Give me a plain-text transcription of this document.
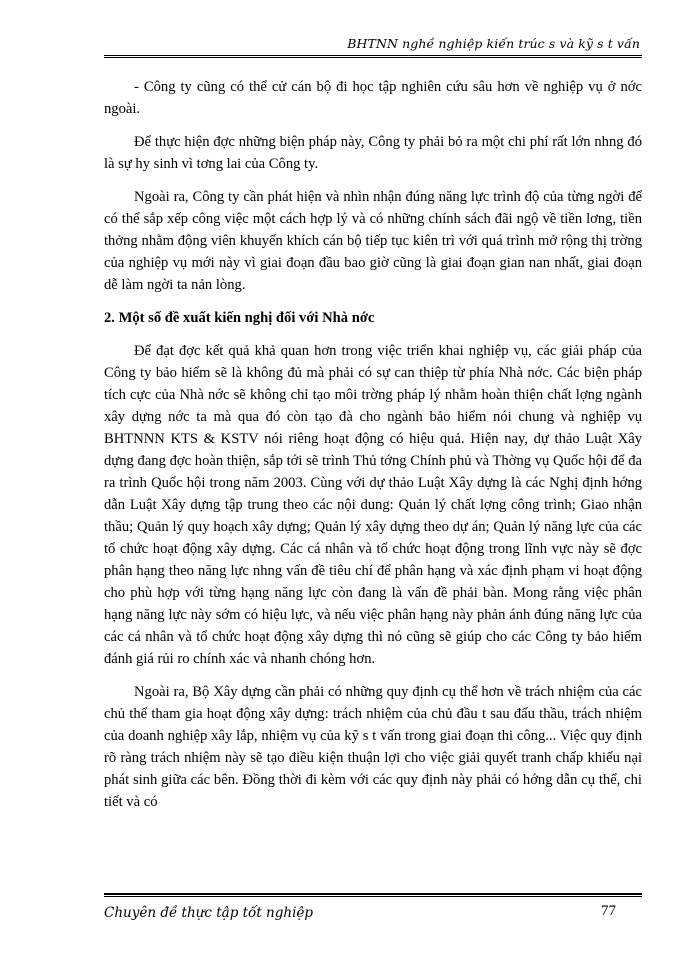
BHTNN nghề nghiệp kiến trúc s và kỹ s t vấn

- Công ty cũng có thể cử cán bộ đi học tập nghiên cứu sâu hơn về nghiệp vụ ở nớc ngoài.

Để thực hiện đợc những biện pháp này, Công ty phải bỏ ra một chi phí rất lớn nhng đó là sự hy sinh vì tơng lai của Công ty.

Ngoài ra, Công ty cần phát hiện và nhìn nhận đúng năng lực trình độ của từng ngời để có thể sắp xếp công việc một cách hợp lý và có những chính sách đãi ngộ về tiền lơng, tiền thởng nhằm động viên khuyến khích cán bộ tiếp tục kiên trì với quá trình mở rộng thị trờng của nghiệp vụ mới này vì giai đoạn đầu bao giờ cũng là giai đoạn gian nan nhất, giai đoạn dễ làm ngời ta nản lòng.

2. Một số đề xuất kiến nghị đối với Nhà nớc

Để đạt đợc kết quả khả quan hơn trong việc triển khai nghiệp vụ, các giải pháp của Công ty bảo hiểm sẽ là không đủ mà phải có sự can thiệp từ phía Nhà nớc. Các biện pháp tích cực của Nhà nớc sẽ không chỉ tạo môi trờng pháp lý nhằm hoàn thiện chất lợng ngành xây dựng nớc ta mà qua đó còn tạo đà cho ngành bảo hiểm nói chung và nghiệp vụ BHTNNN KTS & KSTV nói riêng hoạt động có hiệu quả. Hiện nay, dự thảo Luật Xây dựng đang đợc hoàn thiện, sắp tới sẽ trình Thủ tớng Chính phủ và Thờng vụ Quốc hội để đa ra trình Quốc hội trong năm 2003. Cùng với dự thảo Luật Xây dựng là các Nghị định hớng dẫn Luật Xây dựng tập trung theo các nội dung: Quản lý chất lợng công trình; Giao nhận thầu; Quản lý quy hoạch xây dựng; Quản lý xây dựng theo dự án; Quản lý năng lực của các tổ chức hoạt động xây dựng. Các cá nhân và tổ chức hoạt động trong lĩnh vực này sẽ đợc phân hạng theo năng lực nhng vấn đề tiêu chí để phân hạng và xác định phạm vi hoạt động cho phù hợp với từng hạng năng lực còn đang là vấn đề phải bàn. Mong rằng việc phân hạng năng lực này sớm có hiệu lực, và nếu việc phân hạng này phản ánh đúng năng lực của các cá nhân và tổ chức hoạt động xây dựng thì nó cũng sẽ giúp cho các Công ty bảo hiểm đánh giá rủi ro chính xác và nhanh chóng hơn.

Ngoài ra, Bộ Xây dựng cần phải có những quy định cụ thể hơn về trách nhiệm của các chủ thể tham gia hoạt động xây dựng: trách nhiệm của chủ đầu t sau đấu thầu, trách nhiệm của doanh nghiệp xây lắp, nhiệm vụ của kỹ s t vấn trong giai đoạn thi công... Việc quy định rõ ràng trách nhiệm này sẽ tạo điều kiện thuận lợi cho việc giải quyết tranh chấp khiếu nại phát sinh giữa các bên. Đồng thời đi kèm với các quy định này phải có hớng dẫn cụ thể, chi tiết và có

Chuyên đề thực tập tốt nghiệp	77
